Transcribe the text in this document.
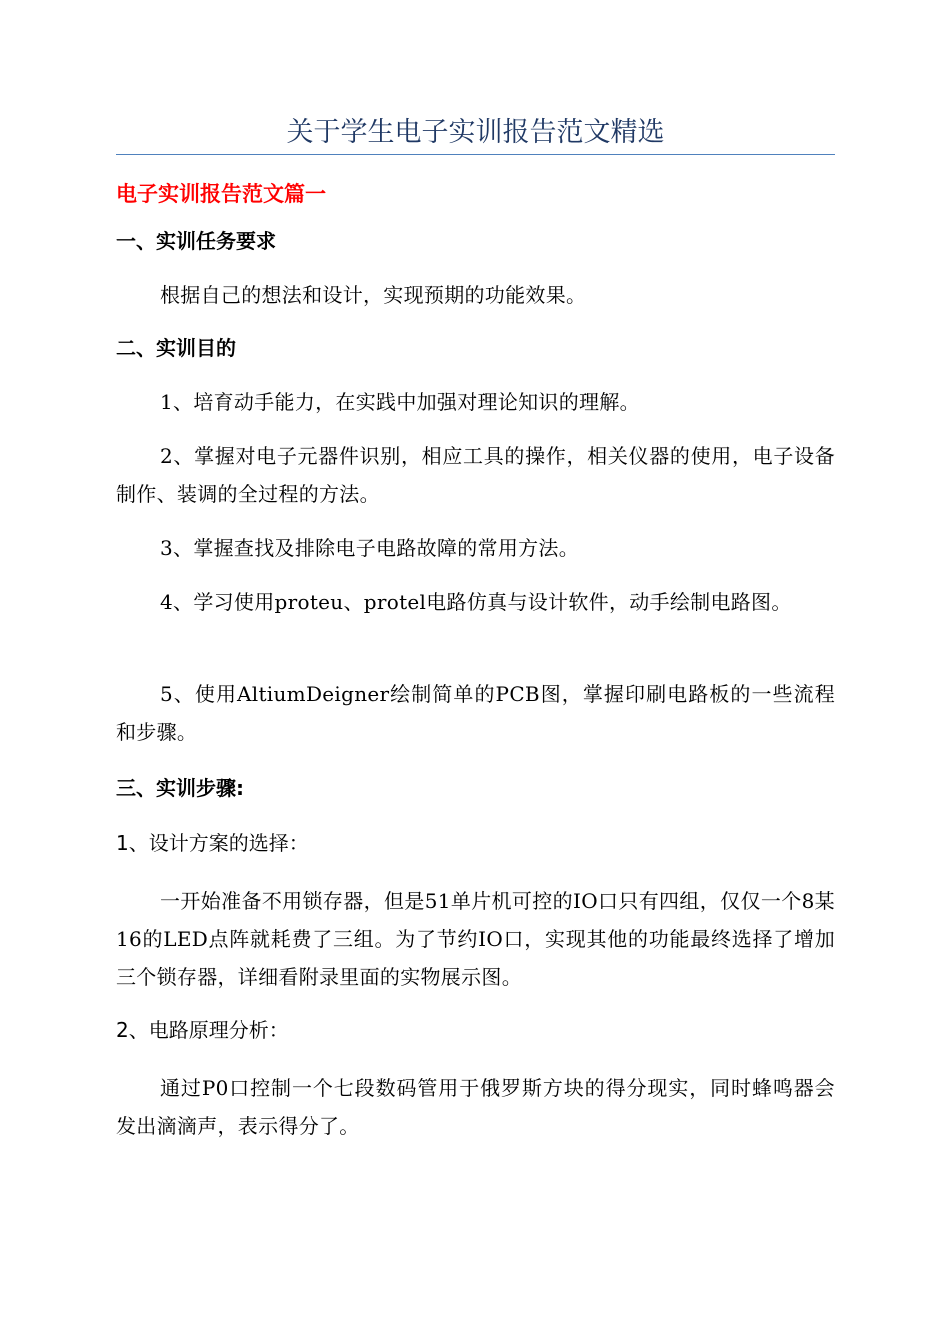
关于学生电子实训报告范文精选
电子实训报告范文篇一
一、实训任务要求
根据自己的想法和设计，实现预期的功能效果。
二、实训目的
1、培育动手能力，在实践中加强对理论知识的理解。
2、掌握对电子元器件识别，相应工具的操作，相关仪器的使用，电子设备制作、装调的全过程的方法。
3、掌握查找及排除电子电路故障的常用方法。
4、学习使用proteu、protel电路仿真与设计软件，动手绘制电路图。
5、使用AltiumDeigner绘制简单的PCB图，掌握印刷电路板的一些流程和步骤。
三、实训步骤:
1、设计方案的选择：
一开始准备不用锁存器，但是51单片机可控的IO口只有四组，仅仅一个8某16的LED点阵就耗费了三组。为了节约IO口，实现其他的功能最终选择了增加三个锁存器，详细看附录里面的实物展示图。
2、电路原理分析：
通过P0口控制一个七段数码管用于俄罗斯方块的得分现实，同时蜂鸣器会发出滴滴声，表示得分了。
